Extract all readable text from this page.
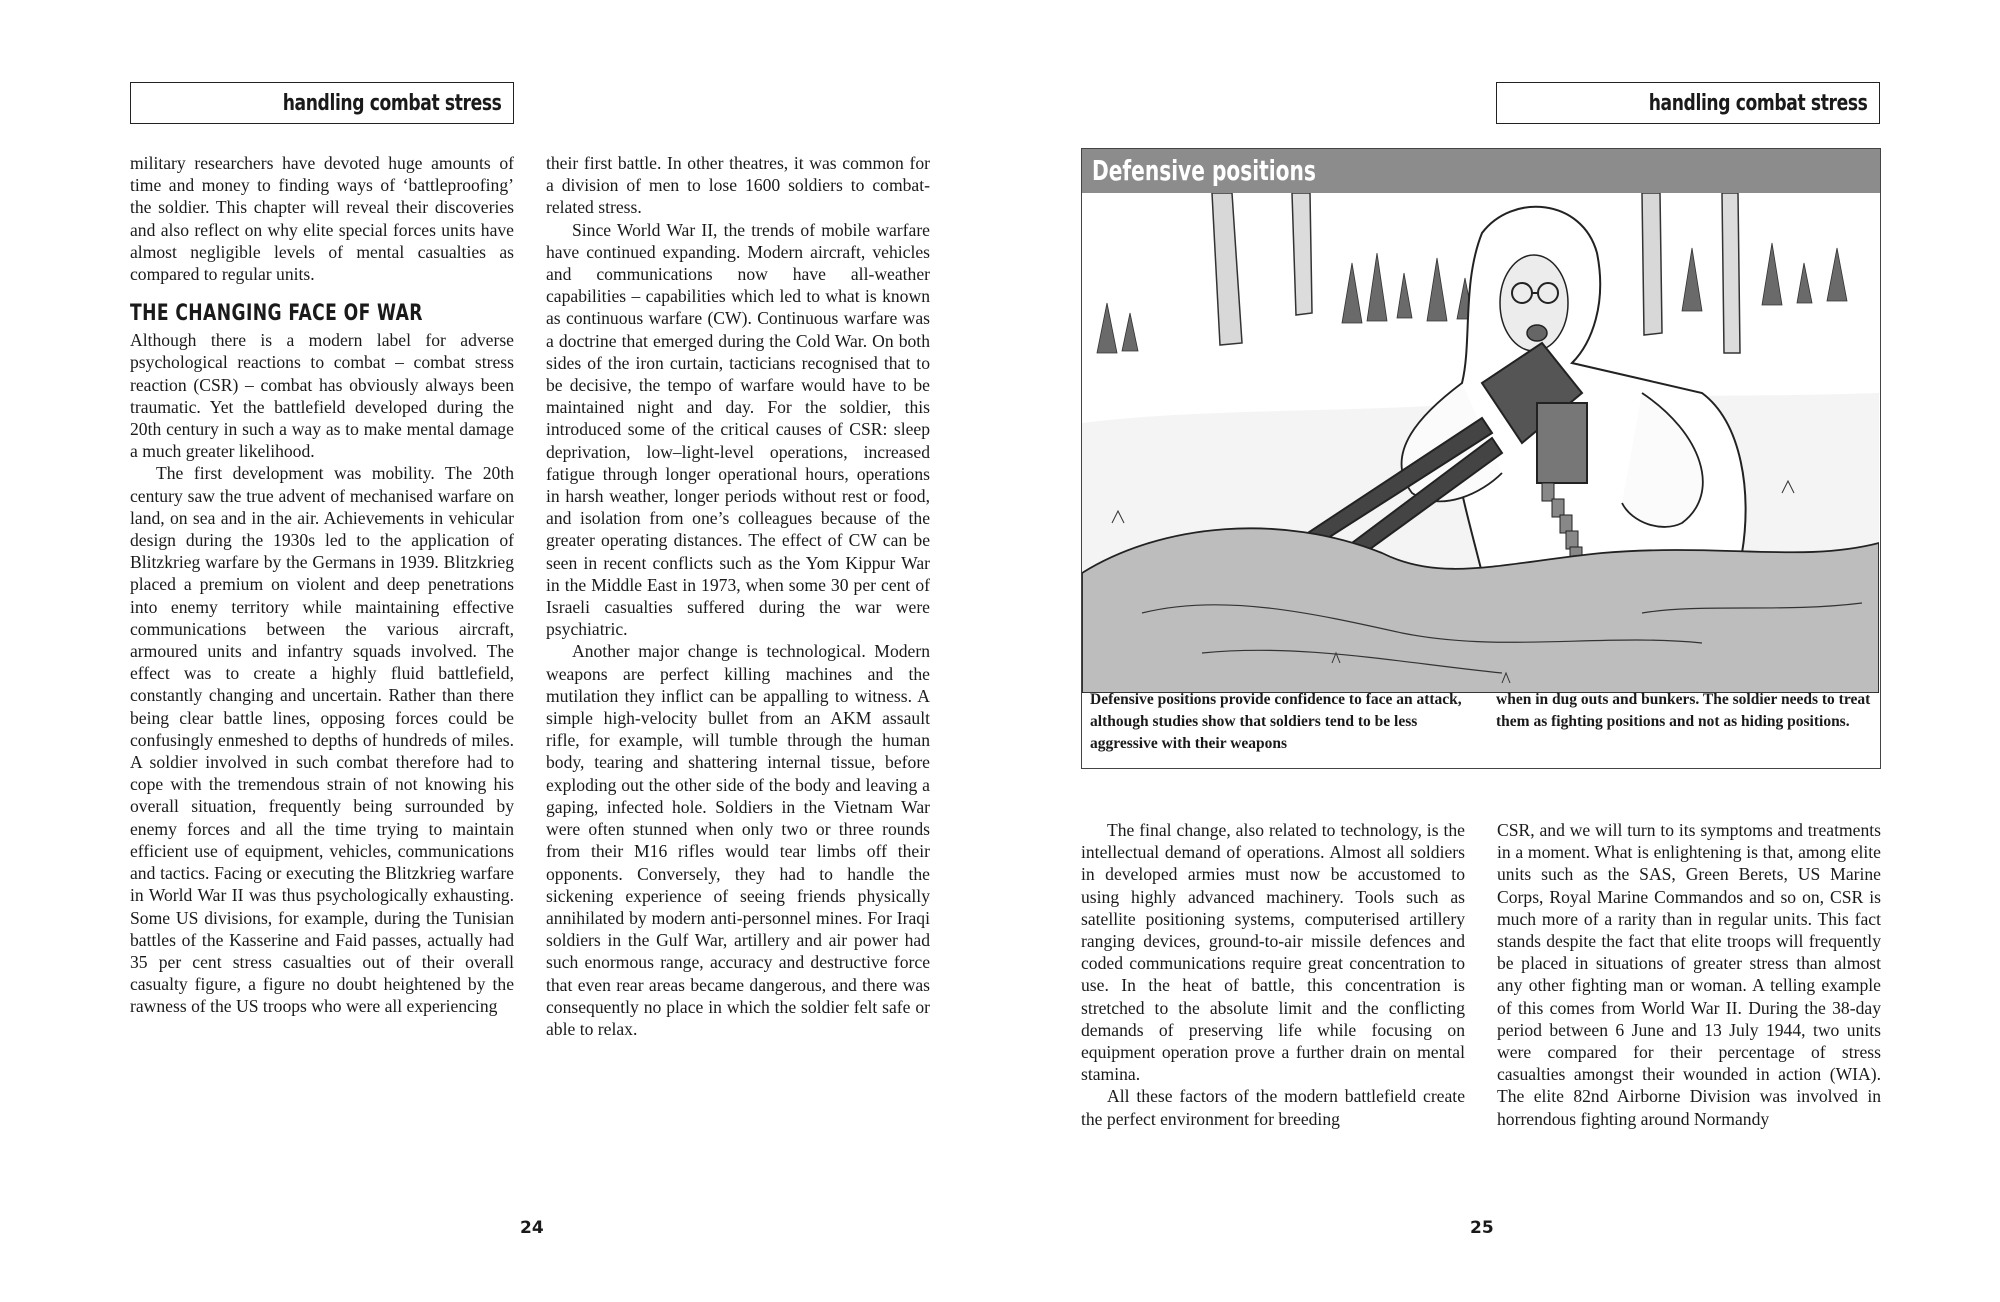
handling combat stress

military researchers have devoted huge amounts of time and money to finding ways of ‘battleproofing’ the soldier. This chapter will reveal their discoveries and also reflect on why elite special forces units have almost negligible levels of mental casualties as compared to regular units.

THE CHANGING FACE OF WAR

Although there is a modern label for adverse psychological reactions to combat – combat stress reaction (CSR) – combat has obviously always been traumatic. Yet the battlefield developed during the 20th century in such a way as to make mental damage a much greater likelihood.

The first development was mobility. The 20th century saw the true advent of mechanised warfare on land, on sea and in the air. Achievements in vehicular design during the 1930s led to the application of Blitzkrieg warfare by the Germans in 1939. Blitzkrieg placed a premium on violent and deep penetrations into enemy territory while maintaining effective communications between the various aircraft, armoured units and infantry squads involved. The effect was to create a highly fluid battlefield, constantly changing and uncertain. Rather than there being clear battle lines, opposing forces could be confusingly enmeshed to depths of hundreds of miles. A soldier involved in such combat therefore had to cope with the tremendous strain of not knowing his overall situation, frequently being surrounded by enemy forces and all the time trying to maintain efficient use of equipment, vehicles, communications and tactics. Facing or executing the Blitzkrieg warfare in World War II was thus psychologically exhausting. Some US divisions, for example, during the Tunisian battles of the Kasserine and Faid passes, actually had 35 per cent stress casualties out of their overall casualty figure, a figure no doubt heightened by the rawness of the US troops who were all experiencing

their first battle. In other theatres, it was common for a division of men to lose 1600 soldiers to combat-related stress.

Since World War II, the trends of mobile warfare have continued expanding. Modern aircraft, vehicles and communications now have all-weather capabilities – capabilities which led to what is known as continuous warfare (CW). Continuous warfare was a doctrine that emerged during the Cold War. On both sides of the iron curtain, tacticians recognised that to be decisive, the tempo of warfare would have to be maintained night and day. For the soldier, this introduced some of the critical causes of CSR: sleep deprivation, low–light-level operations, increased fatigue through longer operational hours, operations in harsh weather, longer periods without rest or food, and isolation from one’s colleagues because of the greater operating distances. The effect of CW can be seen in recent conflicts such as the Yom Kippur War in the Middle East in 1973, when some 30 per cent of Israeli casualties suffered during the war were psychiatric.

Another major change is technological. Modern weapons are perfect killing machines and the mutilation they inflict can be appalling to witness. A simple high-velocity bullet from an AKM assault rifle, for example, will tumble through the human body, tearing and shattering internal tissue, before exploding out the other side of the body and leaving a gaping, infected hole. Soldiers in the Vietnam War were often stunned when only two or three rounds from their M16 rifles would tear limbs off their opponents. Conversely, they had to handle the sickening experience of seeing friends physically annihilated by modern anti-personnel mines. For Iraqi soldiers in the Gulf War, artillery and air power had such enormous range, accuracy and destructive force that even rear areas became dangerous, and there was consequently no place in which the soldier felt safe or able to relax.

24
handling combat stress
Defensive positions
Defensive positions provide confidence to face an attack, although studies show that soldiers tend to be less aggressive with their weapons
when in dug outs and bunkers. The soldier needs to treat them as fighting positions and not as hiding positions.

The final change, also related to technology, is the intellectual demand of operations. Almost all soldiers in developed armies must now be accustomed to using highly advanced machinery. Tools such as satellite positioning systems, computerised artillery ranging devices, ground-to-air missile defences and coded communications require great concentration to use. In the heat of battle, this concentration is stretched to the absolute limit and the conflicting demands of preserving life while focusing on equipment operation prove a further drain on mental stamina.

All these factors of the modern battlefield create the perfect environment for breeding

CSR, and we will turn to its symptoms and treatments in a moment. What is enlightening is that, among elite units such as the SAS, Green Berets, US Marine Corps, Royal Marine Commandos and so on, CSR is much more of a rarity than in regular units. This fact stands despite the fact that elite troops will frequently be placed in situations of greater stress than almost any other fighting man or woman. A telling example of this comes from World War II. During the 38-day period between 6 June and 13 July 1944, two units were compared for their percentage of stress casualties amongst their wounded in action (WIA). The elite 82nd Airborne Division was involved in horrendous fighting around Normandy

25
